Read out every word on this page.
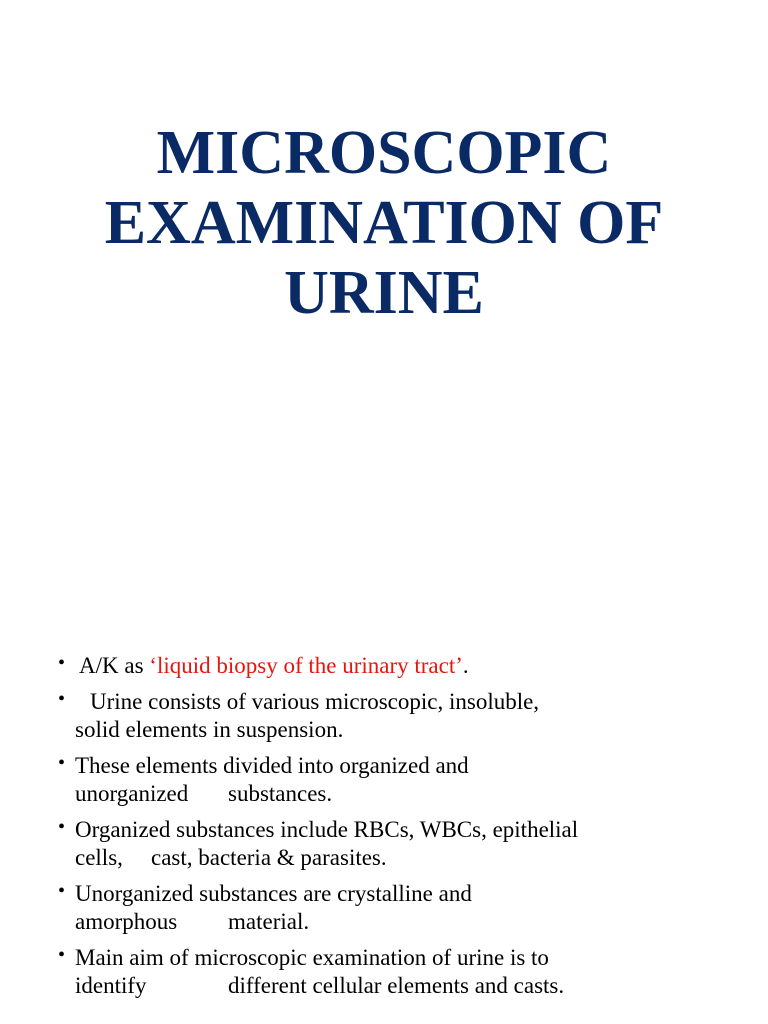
MICROSCOPIC
EXAMINATION OF
URINE
• A/K as ‘liquid biopsy of the urinary tract’.
• Urine consists of various microscopic, insoluble,
solid elements in suspension.
• These elements divided into organized and
unorganized substances.
• Organized substances include RBCs, WBCs, epithelial
cells, cast, bacteria & parasites.
• Unorganized substances are crystalline and
amorphous material.
• Main aim of microscopic examination of urine is to
identify	different cellular elements and casts.
